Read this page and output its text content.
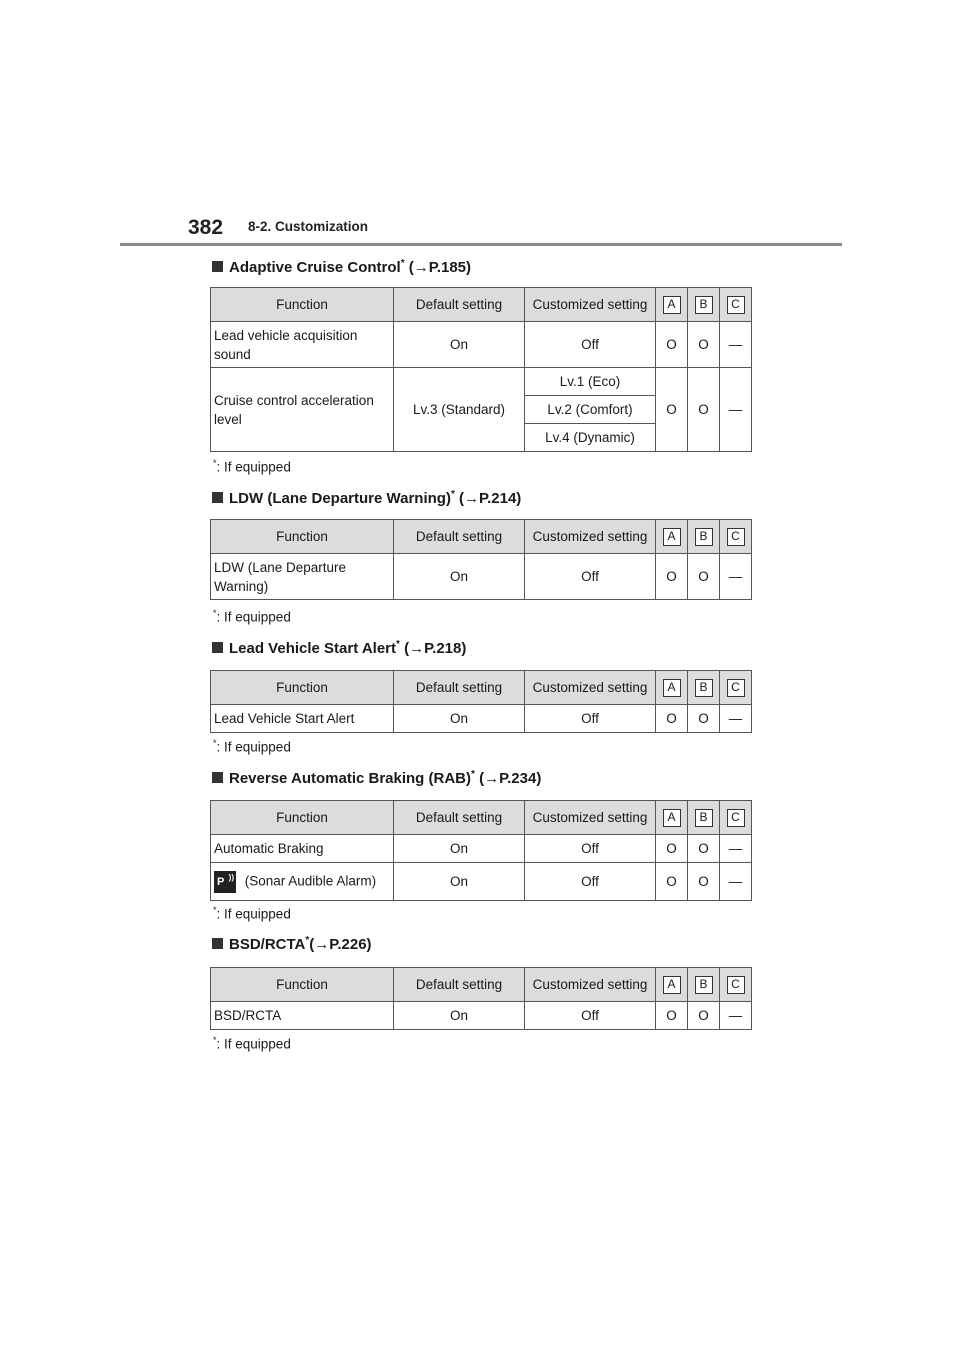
382 8-2. Customization
Adaptive Cruise Control* (→P.185)
Function	Default setting	Customized setting	A	B	C
Lead vehicle acquisition sound	On	Off	O	O	—
Cruise control acceleration level	Lv.3 (Standard)	Lv.1 (Eco)	O	O	—
		Lv.2 (Comfort)			
		Lv.4 (Dynamic)			
*: If equipped
LDW (Lane Departure Warning)* (→P.214)
Function	Default setting	Customized setting	A	B	C
LDW (Lane Departure Warning)	On	Off	O	O	—
*: If equipped
Lead Vehicle Start Alert* (→P.218)
Function	Default setting	Customized setting	A	B	C
Lead Vehicle Start Alert	On	Off	O	O	—
*: If equipped
Reverse Automatic Braking (RAB)* (→P.234)
Function	Default setting	Customized setting	A	B	C
Automatic Braking	On	Off	O	O	—

P )) (Sonar Audible Alarm)	On	Off	O	O	—
*: If equipped
BSD/RCTA*(→P.226)
Function	Default setting	Customized setting	A	B	C
BSD/RCTA	On	Off	O	O	—
*: If equipped
